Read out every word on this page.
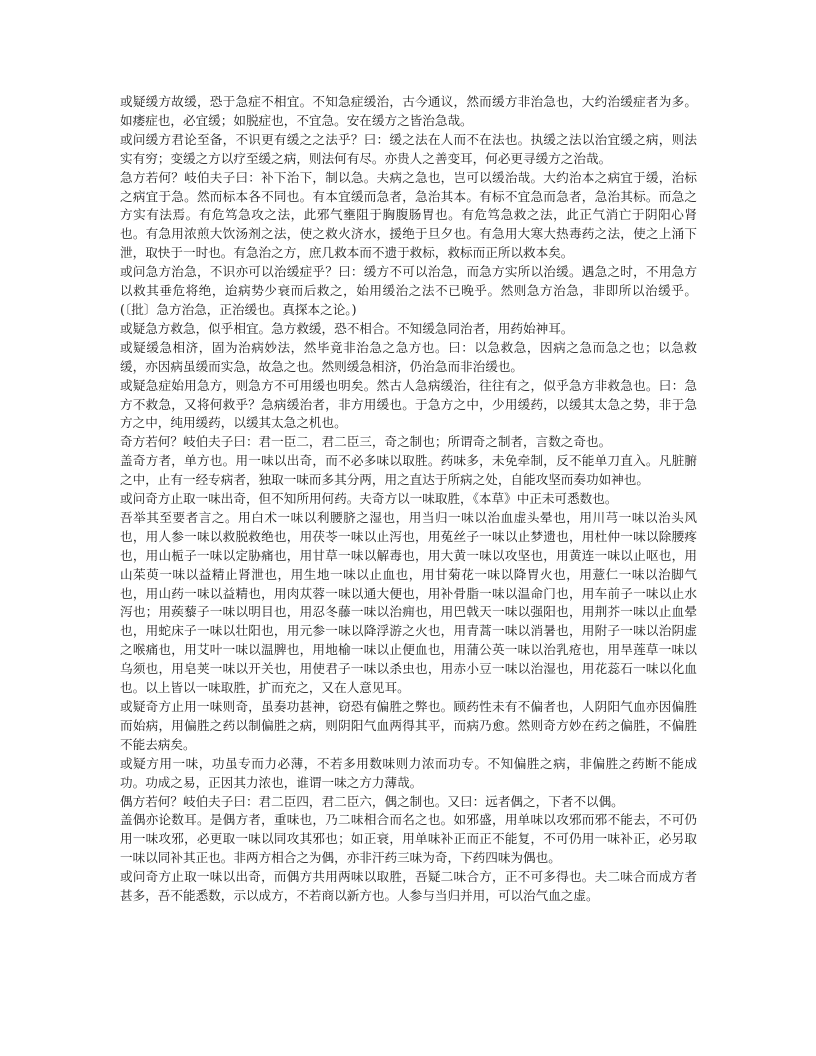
或疑缓方故缓，恐于急症不相宜。不知急症缓治，古今通议，然而缓方非治急也，大约治缓症者为多。如痿症也，必宜缓；如脱症也，不宜急。安在缓方之皆治急哉。

或问缓方君论至备，不识更有缓之之法乎？曰：缓之法在人而不在法也。执缓之法以治宜缓之病，则法实有穷；变缓之方以疗至缓之病，则法何有尽。亦贵人之善变耳，何必更寻缓方之治哉。

急方若何？岐伯夫子曰：补下治下，制以急。夫病之急也，岂可以缓治哉。大约治本之病宜于缓，治标之病宜于急。然而标本各不同也。有本宜缓而急者，急治其本。有标不宜急而急者，急治其标。而急之方实有法焉。有危笃急攻之法，此邪气壅阻于胸腹肠胃也。有危笃急救之法，此正气消亡于阴阳心肾也。有急用浓煎大饮汤剂之法，使之救火济水，援绝于旦夕也。有急用大寒大热毒药之法，使之上涌下泄，取快于一时也。有急治之方，庶几救本而不遗于救标，救标而正所以救本矣。

或问急方治急，不识亦可以治缓症乎？曰：缓方不可以治急，而急方实所以治缓。遇急之时，不用急方以救其垂危将绝，迨病势少衰而后救之，始用缓治之法不已晚乎。然则急方治急，非即所以治缓乎。(〔批〕急方治急，正治缓也。真探本之论。)

或疑急方救急，似乎相宜。急方救缓，恐不相合。不知缓急同治者，用药始神耳。

或疑缓急相济，固为治病妙法，然毕竟非治急之急方也。曰：以急救急，因病之急而急之也；以急救缓，亦因病虽缓而实急，故急之也。然则缓急相济，仍治急而非治缓也。

或疑急症始用急方，则急方不可用缓也明矣。然古人急病缓治，往往有之，似乎急方非救急也。曰：急方不救急，又将何救乎？急病缓治者，非方用缓也。于急方之中，少用缓药，以缓其太急之势，非于急方之中，纯用缓药，以缓其太急之机也。

奇方若何？岐伯夫子曰：君一臣二，君二臣三，奇之制也；所谓奇之制者，言数之奇也。

盖奇方者，单方也。用一味以出奇，而不必多味以取胜。药味多，未免牵制，反不能单刀直入。凡脏腑之中，止有一经专病者，独取一味而多其分两，用之直达于所病之处，自能攻坚而奏功如神也。

或问奇方止取一味出奇，但不知所用何药。夫奇方以一味取胜，《本草》中正未可悉数也。

吾举其至要者言之。用白术一味以利腰脐之湿也，用当归一味以治血虚头晕也，用川芎一味以治头风也，用人参一味以救脱救绝也，用茯苓一味以止泻也，用菟丝子一味以止梦遗也，用杜仲一味以除腰疼也，用山栀子一味以定胁痛也，用甘草一味以解毒也，用大黄一味以攻坚也，用黄连一味以止呕也，用山茱萸一味以益精止肾泄也，用生地一味以止血也，用甘菊花一味以降胃火也，用薏仁一味以治脚气也，用山药一味以益精也，用肉苁蓉一味以通大便也，用补骨脂一味以温命门也，用车前子一味以止水泻也；用蒺藜子一味以明目也，用忍冬藤一味以治痈也，用巴戟天一味以强阳也，用荆芥一味以止血晕也，用蛇床子一味以壮阳也，用元参一味以降浮游之火也，用青蒿一味以消暑也，用附子一味以治阴虚之喉痛也，用艾叶一味以温脾也，用地榆一味以止便血也，用蒲公英一味以治乳疮也，用旱莲草一味以乌须也，用皂荚一味以开关也，用使君子一味以杀虫也，用赤小豆一味以治湿也，用花蕊石一味以化血也。以上皆以一味取胜，扩而充之，又在人意见耳。

或疑奇方止用一味则奇，虽奏功甚神，窃恐有偏胜之弊也。顾药性未有不偏者也，人阴阳气血亦因偏胜而始病，用偏胜之药以制偏胜之病，则阴阳气血两得其平，而病乃愈。然则奇方妙在药之偏胜，不偏胜不能去病矣。

或疑方用一味，功虽专而力必薄，不若多用数味则力浓而功专。不知偏胜之病，非偏胜之药断不能成功。功成之易，正因其力浓也，谁谓一味之方力薄哉。

偶方若何？岐伯夫子曰：君二臣四，君二臣六，偶之制也。又曰：远者偶之，下者不以偶。

盖偶亦论数耳。是偶方者，重味也，乃二味相合而名之也。如邪盛，用单味以攻邪而邪不能去，不可仍用一味攻邪，必更取一味以同攻其邪也；如正衰，用单味补正而正不能复，不可仍用一味补正，必另取一味以同补其正也。非两方相合之为偶，亦非汗药三味为奇，下药四味为偶也。

或问奇方止取一味以出奇，而偶方共用两味以取胜，吾疑二味合方，正不可多得也。夫二味合而成方者甚多，吾不能悉数，示以成方，不若商以新方也。人参与当归并用，可以治气血之虚。
